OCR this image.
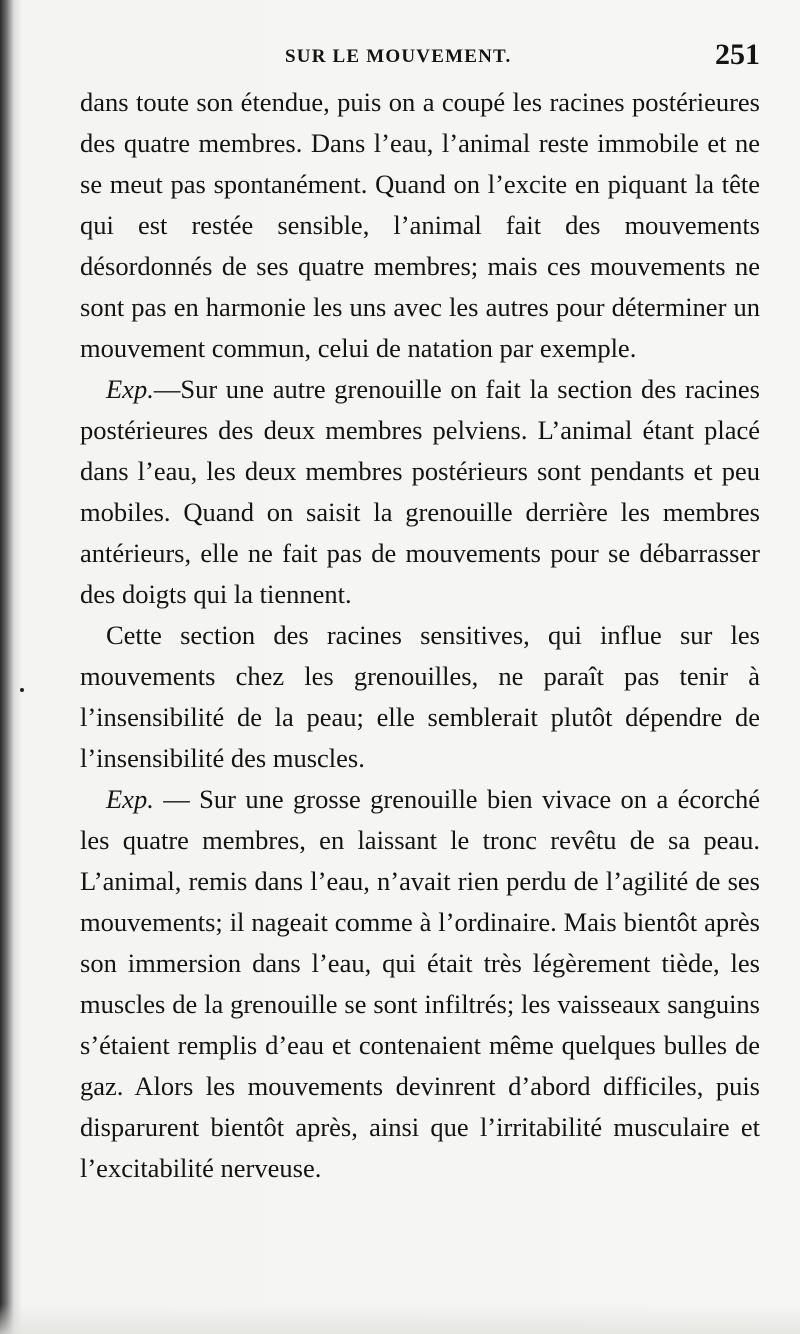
SUR LE MOUVEMENT.	251

dans toute son étendue, puis on a coupé les racines postérieures des quatre membres. Dans l’eau, l’animal reste immobile et ne se meut pas spontanément. Quand on l’excite en piquant la tête qui est restée sensible, l’animal fait des mouvements désordonnés de ses quatre membres; mais ces mouvements ne sont pas en harmonie les uns avec les autres pour déterminer un mouvement commun, celui de natation par exemple.

Exp.—Sur une autre grenouille on fait la section des racines postérieures des deux membres pelviens. L’animal étant placé dans l’eau, les deux membres postérieurs sont pendants et peu mobiles. Quand on saisit la grenouille derrière les membres antérieurs, elle ne fait pas de mouvements pour se débarrasser des doigts qui la tiennent.

Cette section des racines sensitives, qui influe sur les mouvements chez les grenouilles, ne paraît pas tenir à l’insensibilité de la peau; elle semblerait plutôt dépendre de l’insensibilité des muscles.

Exp. — Sur une grosse grenouille bien vivace on a écorché les quatre membres, en laissant le tronc revêtu de sa peau. L’animal, remis dans l’eau, n’avait rien perdu de l’agilité de ses mouvements; il nageait comme à l’ordinaire. Mais bientôt après son immersion dans l’eau, qui était très légèrement tiède, les muscles de la grenouille se sont infiltrés; les vaisseaux sanguins s’étaient remplis d’eau et contenaient même quelques bulles de gaz. Alors les mouvements devinrent d’abord difficiles, puis disparurent bientôt après, ainsi que l’irritabilité musculaire et l’excitabilité nerveuse.
